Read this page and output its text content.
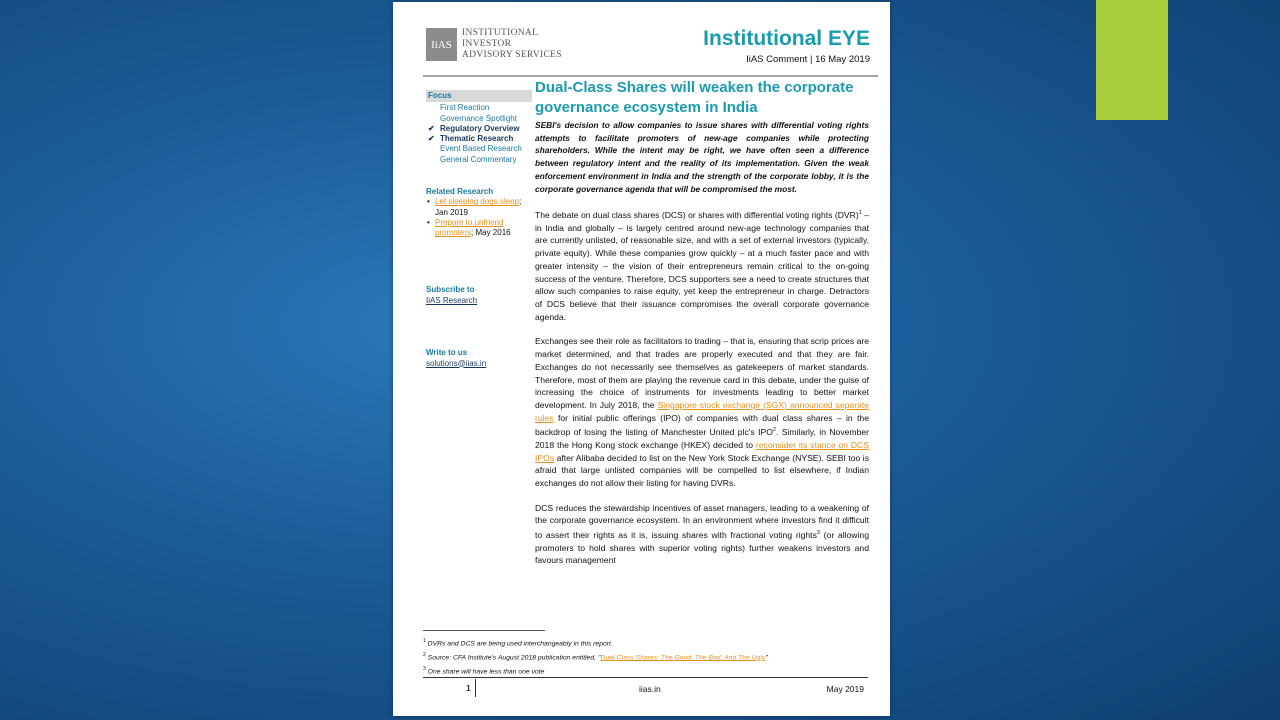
IiAS
INSTITUTIONAL
INVESTOR
ADVISORY SERVICES
Institutional EYE
IiAS Comment | 16 May 2019
Focus
First Reaction
Governance Spotlight
✔ Regulatory Overview
✔ Thematic Research
Event Based Research
General Commentary
Related Research
• Let sleeping dogs sleep; Jan 2019
• Prepare to unfriend promoters; May 2016
Subscribe to
IiAS Research
Write to us
solutions@iias.in
Dual-Class Shares will weaken the corporate governance ecosystem in India
SEBI's decision to allow companies to issue shares with differential voting rights attempts to facilitate promoters of new-age companies while protecting shareholders. While the intent may be right, we have often seen a difference between regulatory intent and the reality of its implementation. Given the weak enforcement environment in India and the strength of the corporate lobby, it is the corporate governance agenda that will be compromised the most.
The debate on dual class shares (DCS) or shares with differential voting rights (DVR)$^1$ – in India and globally – is largely centred around new-age technology companies that are currently unlisted, of reasonable size, and with a set of external investors (typically, private equity). While these companies grow quickly – at a much faster pace and with greater intensity – the vision of their entrepreneurs remain critical to the on-going success of the venture. Therefore, DCS supporters see a need to create structures that allow such companies to raise equity, yet keep the entrepreneur in charge. Detractors of DCS believe that their issuance compromises the overall corporate governance agenda.
Exchanges see their role as facilitators to trading – that is, ensuring that scrip prices are market determined, and that trades are properly executed and that they are fair. Exchanges do not necessarily see themselves as gatekeepers of market standards. Therefore, most of them are playing the revenue card in this debate, under the guise of increasing the choice of instruments for investments leading to better market development. In July 2018, the Singapore stock exchange (SGX) announced separate rules for initial public offerings (IPO) of companies with dual class shares – in the backdrop of losing the listing of Manchester United plc's IPO$^2$. Similarly, in November 2018 the Hong Kong stock exchange (HKEX) decided to reconsider its stance on DCS IPOs after Alibaba decided to list on the New York Stock Exchange (NYSE). SEBI too is afraid that large unlisted companies will be compelled to list elsewhere, if Indian exchanges do not allow their listing for having DVRs.
DCS reduces the stewardship incentives of asset managers, leading to a weakening of the corporate governance ecosystem. In an environment where investors find it difficult to assert their rights as it is, issuing shares with fractional voting rights$^3$ (or allowing promoters to hold shares with superior voting rights) further weakens investors and favours management
$^1$ DVRs and DCS are being used interchangeably in this report.
$^2$ Source: CFA Institute's August 2018 publication entitled, "Dual-Class Shares: The Good, The Bad, And The Ugly"
$^3$ One share will have less than one vote
1	iias.in	May 2019
